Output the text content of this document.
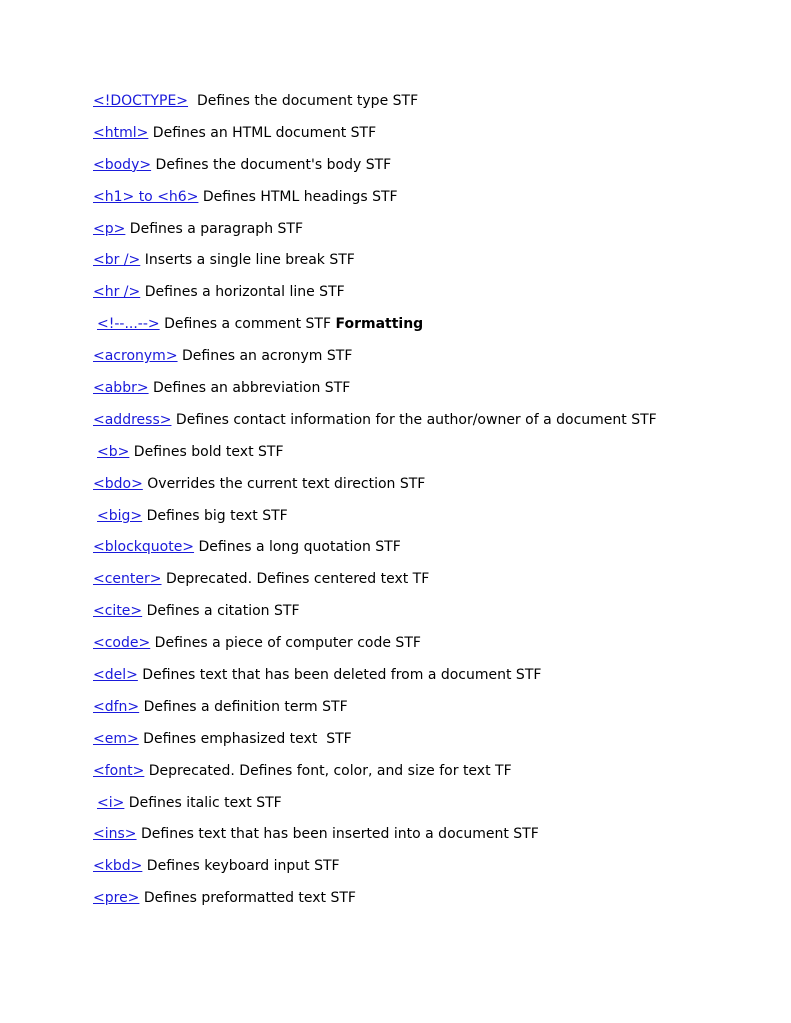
<!DOCTYPE>  Defines the document type STF
<html> Defines an HTML document STF
<body> Defines the document's body STF
<h1> to <h6> Defines HTML headings STF
<p> Defines a paragraph STF
<br /> Inserts a single line break STF
<hr /> Defines a horizontal line STF
<!--...--> Defines a comment STF Formatting
<acronym> Defines an acronym STF
<abbr> Defines an abbreviation STF
<address> Defines contact information for the author/owner of a document STF
<b> Defines bold text STF
<bdo> Overrides the current text direction STF
<big> Defines big text STF
<blockquote> Defines a long quotation STF
<center> Deprecated. Defines centered text TF
<cite> Defines a citation STF
<code> Defines a piece of computer code STF
<del> Defines text that has been deleted from a document STF
<dfn> Defines a definition term STF
<em> Defines emphasized text  STF
<font> Deprecated. Defines font, color, and size for text TF
<i> Defines italic text STF
<ins> Defines text that has been inserted into a document STF
<kbd> Defines keyboard input STF
<pre> Defines preformatted text STF
